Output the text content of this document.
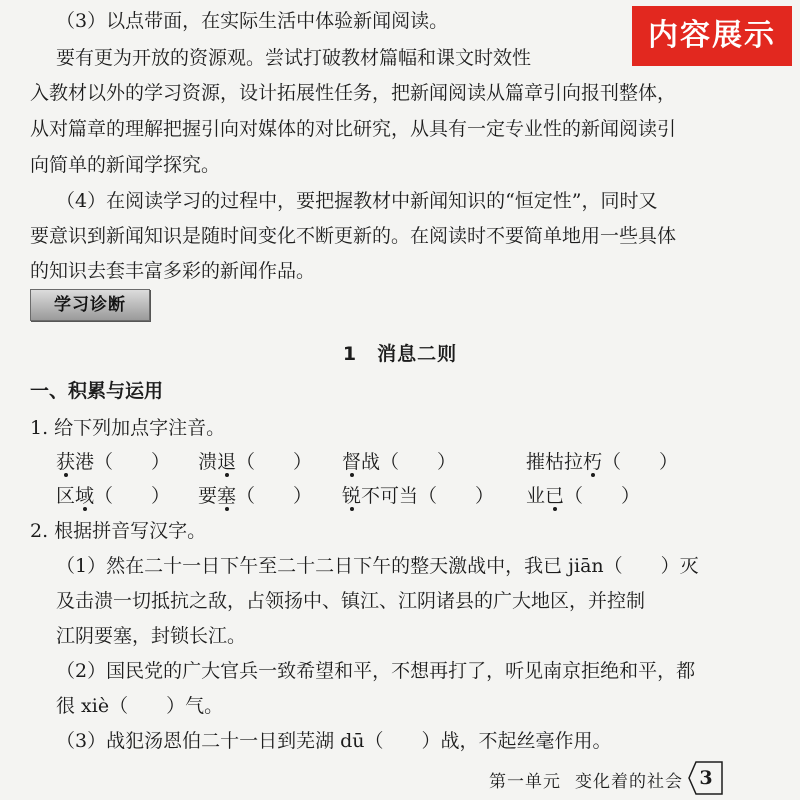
内容展示
（3）以点带面，在实际生活中体验新闻阅读。
要有更为开放的资源观。尝试打破教材篇幅和课文时效性
入教材以外的学习资源，设计拓展性任务，把新闻阅读从篇章引向报刊整体，
从对篇章的理解把握引向对媒体的对比研究，从具有一定专业性的新闻阅读引
向简单的新闻学探究。
（4）在阅读学习的过程中，要把握教材中新闻知识的“恒定性”，同时又
要意识到新闻知识是随时间变化不断更新的。在阅读时不要简单地用一些具体
的知识去套丰富多彩的新闻作品。
学习诊断
1　消息二则
一、积累与运用
1. 给下列加点字注音。
获港（　　） 溃退（　　） 督战（　　）	摧枯拉朽（　　）
区域（　　） 要塞（　　） 锐不可当（　　） 业已（　　）
2. 根据拼音写汉字。
（1）然在二十一日下午至二十二日下午的整天激战中，我已 jiān（　　）灭
及击溃一切抵抗之敌，占领扬中、镇江、江阴诸县的广大地区，并控制
江阴要塞，封锁长江。
（2）国民党的广大官兵一致希望和平，不想再打了，听见南京拒绝和平，都
很 xiè（　　）气。
（3）战犯汤恩伯二十一日到芜湖 dū（　　）战，不起丝毫作用。
第一单元 变化着的社会 3
